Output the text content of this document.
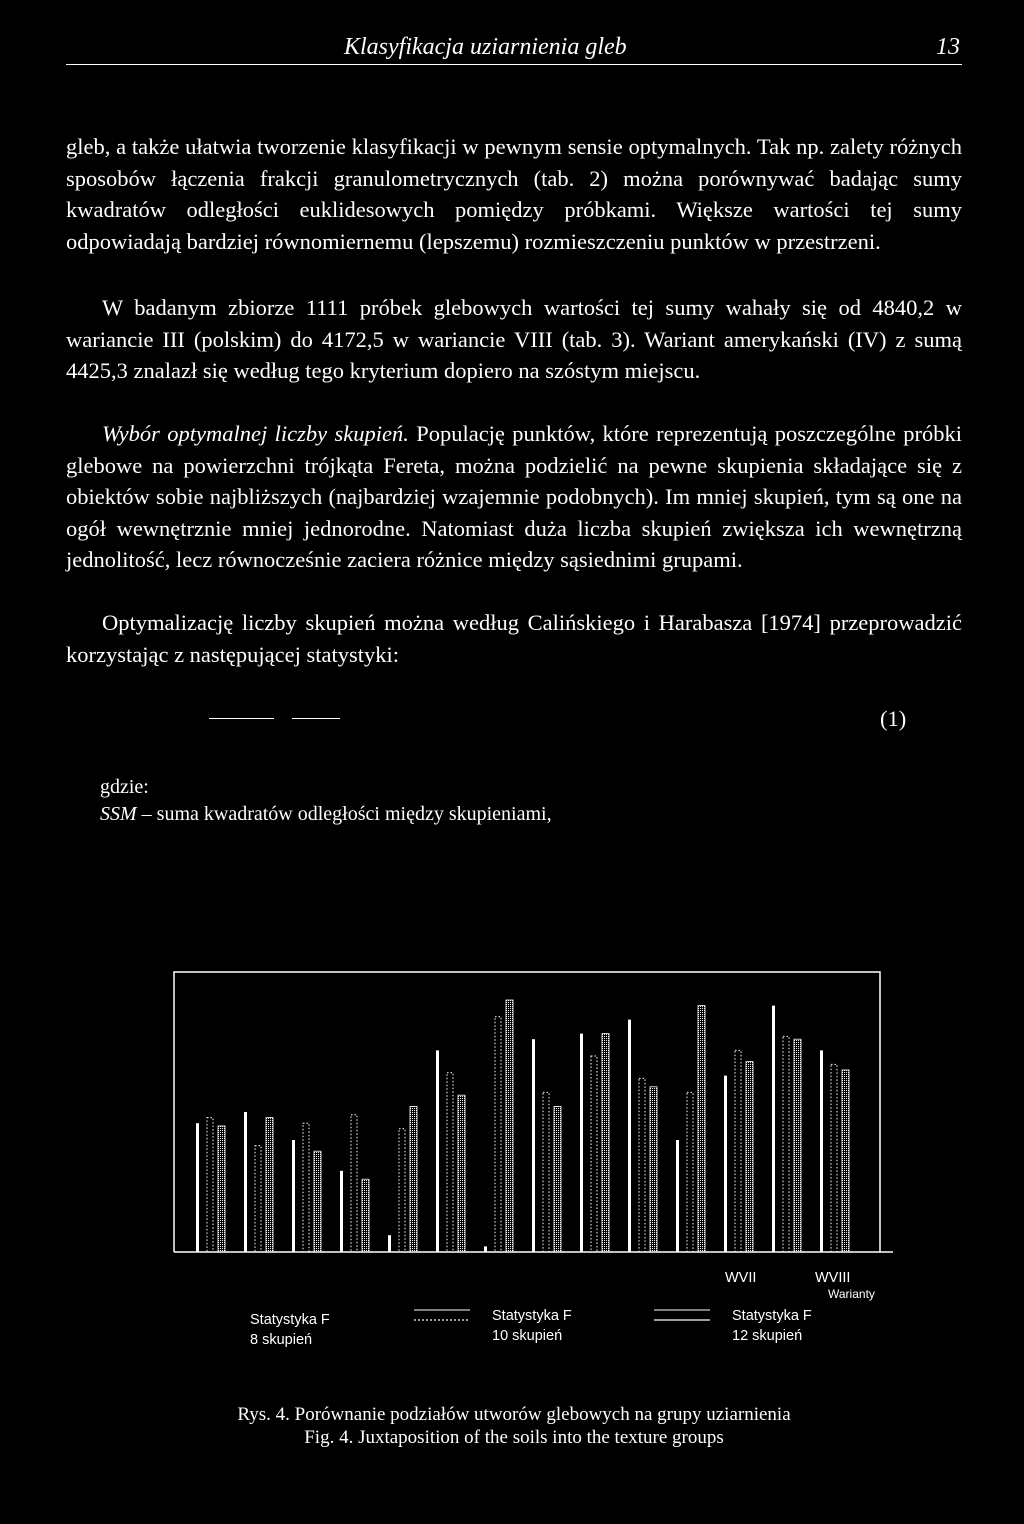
Klasyfikacja uziarnienia gleb	13

gleb, a także ułatwia tworzenie klasyfikacji w pewnym sensie optymalnych. Tak np. zalety różnych sposobów łączenia frakcji granulometrycznych (tab. 2) można porównywać badając sumy kwadratów odległości euklidesowych pomiędzy próbkami. Większe wartości tej sumy odpowiadają bardziej równomiernemu (lepszemu) rozmieszczeniu punktów w przestrzeni.

W badanym zbiorze 1111 próbek glebowych wartości tej sumy wahały się od 4840,2 w wariancie III (polskim) do 4172,5 w wariancie VIII (tab. 3). Wariant amerykański (IV) z sumą 4425,3 znalazł się według tego kryterium dopiero na szóstym miejscu.

Wybór optymalnej liczby skupień. Populację punktów, które reprezentują poszczególne próbki glebowe na powierzchni trójkąta Fereta, można podzielić na pewne skupienia składające się z obiektów sobie najbliższych (najbardziej wzajemnie podobnych). Im mniej skupień, tym są one na ogół wewnętrznie mniej jednorodne. Natomiast duża liczba skupień zwiększa ich wewnętrzną jednolitość, lecz równocześnie zaciera różnice między sąsiednimi grupami.

Optymalizację liczby skupień można według Calińskiego i Harabasza [1974] przeprowadzić korzystając z następującej statystyki:

(1)
gdzie:
SSM – suma kwadratów odległości między skupieniami,
WVII	WVIII
Warianty
Statystyka F
8 skupień
Statystyka F
10 skupień
Statystyka F
12 skupień
Rys. 4. Porównanie podziałów utworów glebowych na grupy uziarnienia
Fig. 4. Juxtaposition of the soils into the texture groups
